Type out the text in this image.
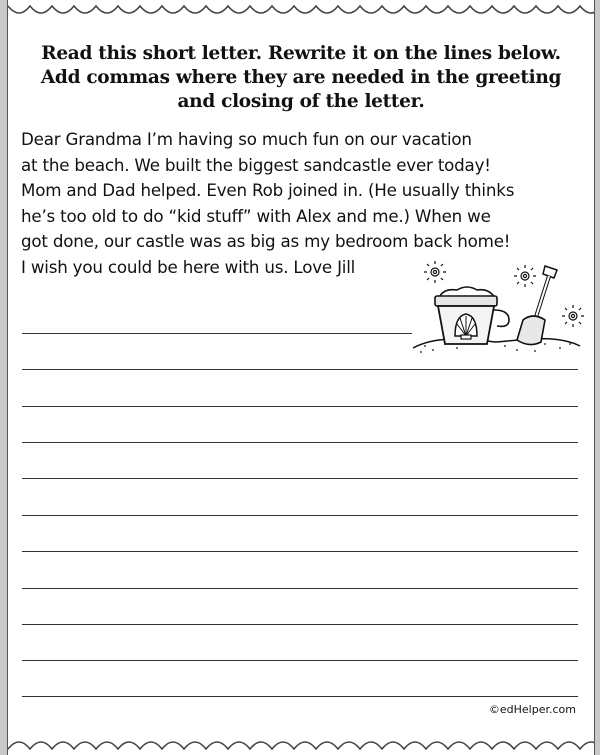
Read this short letter. Rewrite it on the lines below.
Add commas where they are needed in the greeting
and closing of the letter.
Dear Grandma I’m having so much fun on our vacation
at the beach. We built the biggest sandcastle ever today!
Mom and Dad helped. Even Rob joined in. (He usually thinks
he’s too old to do “kid stuff” with Alex and me.) When we
got done, our castle was as big as my bedroom back home!
I wish you could be here with us. Love Jill
©edHelper.com
